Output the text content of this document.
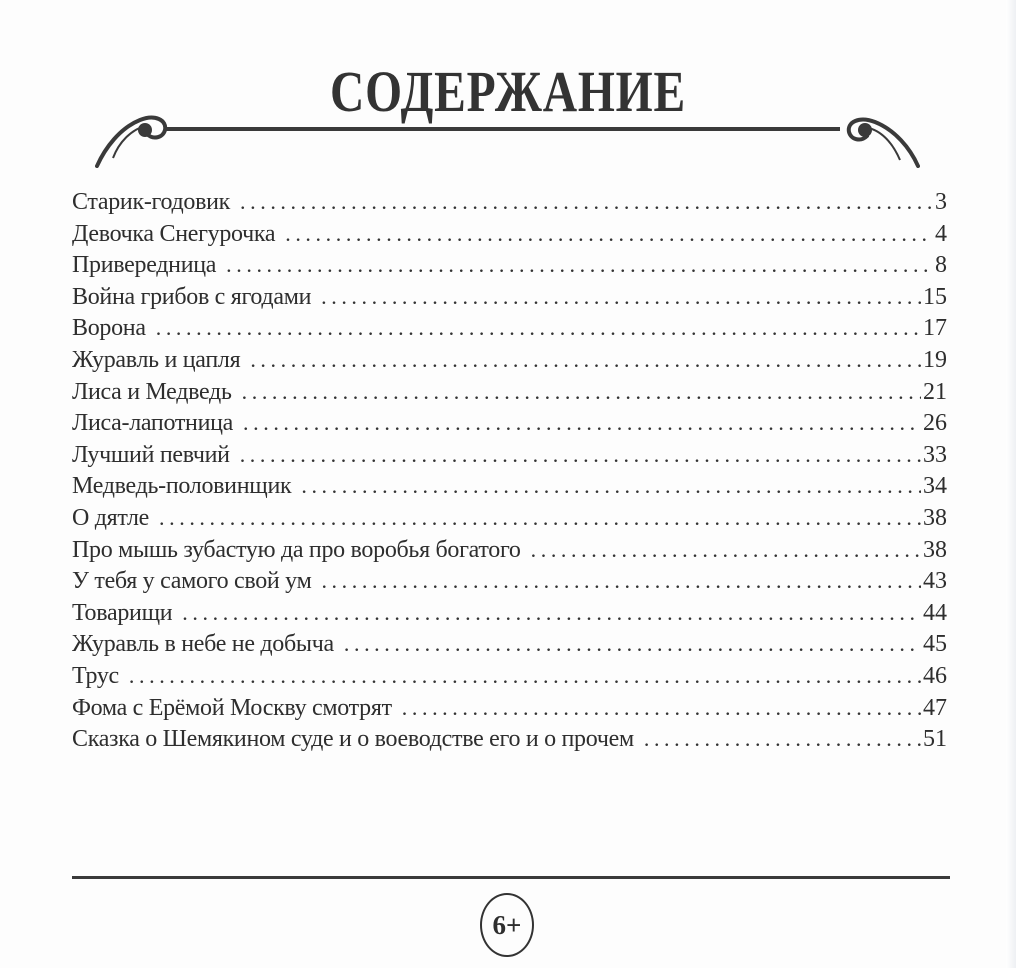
СОДЕРЖАНИЕ
Старик-годовик .....	3
Девочка Снегурочка .....	4
Привередница .....	8
Война грибов с ягодами .....	15
Ворона .....	17
Журавль и цапля .....	19
Лиса и Медведь .....	21
Лиса-лапотница .....	26
Лучший певчий .....	33
Медведь-половинщик .....	34
О дятле .....	38
Про мышь зубастую да про воробья богатого .....	38
У тебя у самого свой ум .....	43
Товарищи .....	44
Журавль в небе не добыча .....	45
Трус .....	46
Фома с Ерёмой Москву смотрят .....	47
Сказка о Шемякином суде и о воеводстве его и о прочем .....	51
6+
